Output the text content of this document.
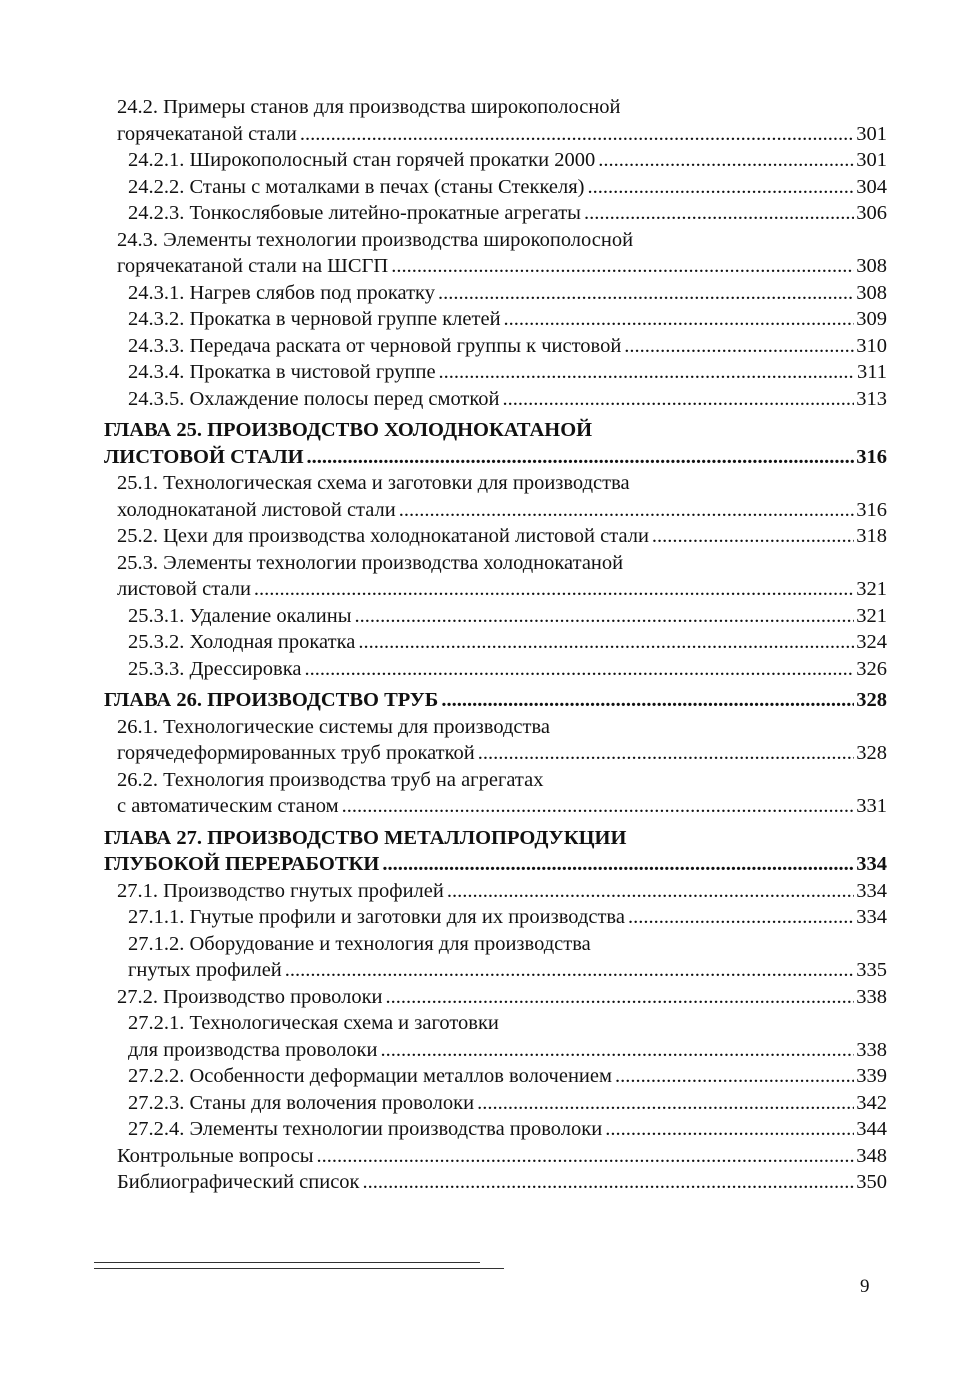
24.2. Примеры станов для производства широкополосной
горячекатаной стали .....	301
24.2.1. Широкополосный стан горячей прокатки 2000 .....	301
24.2.2. Станы с моталками в печах (станы Стеккеля) .....	304
24.2.3. Тонкослябовые литейно-прокатные агрегаты .....	306
24.3. Элементы технологии производства широкополосной
горячекатаной стали на ШСГП .....	308
24.3.1. Нагрев слябов под прокатку .....	308
24.3.2. Прокатка в черновой группе клетей .....	309
24.3.3. Передача раската от черновой группы к чистовой .....	310
24.3.4. Прокатка в чистовой группе .....	311
24.3.5. Охлаждение полосы перед смоткой .....	313
ГЛАВА 25. ПРОИЗВОДСТВО ХОЛОДНОКАТАНОЙ
ЛИСТОВОЙ СТАЛИ .....	316
25.1. Технологическая схема и заготовки для производства
холоднокатаной листовой стали .....	316
25.2. Цехи для производства холоднокатаной листовой стали .....	318
25.3. Элементы технологии производства холоднокатаной
листовой стали .....	321
25.3.1. Удаление окалины .....	321
25.3.2. Холодная прокатка .....	324
25.3.3. Дрессировка .....	326
ГЛАВА 26. ПРОИЗВОДСТВО ТРУБ .....	328
26.1. Технологические системы для производства
горячедеформированных труб прокаткой .....	328
26.2. Технология производства труб на агрегатах
с автоматическим станом .....	331
ГЛАВА 27. ПРОИЗВОДСТВО МЕТАЛЛОПРОДУКЦИИ
ГЛУБОКОЙ ПЕРЕРАБОТКИ .....	334
27.1. Производство гнутых профилей .....	334
27.1.1. Гнутые профили и заготовки для их производства .....	334
27.1.2. Оборудование и технология для производства
гнутых профилей .....	335
27.2. Производство проволоки .....	338
27.2.1. Технологическая схема и заготовки
для производства проволоки .....	338
27.2.2. Особенности деформации металлов волочением .....	339
27.2.3. Станы для волочения проволоки .....	342
27.2.4. Элементы технологии производства проволоки .....	344
Контрольные вопросы .....	348
Библиографический список .....	350
9
